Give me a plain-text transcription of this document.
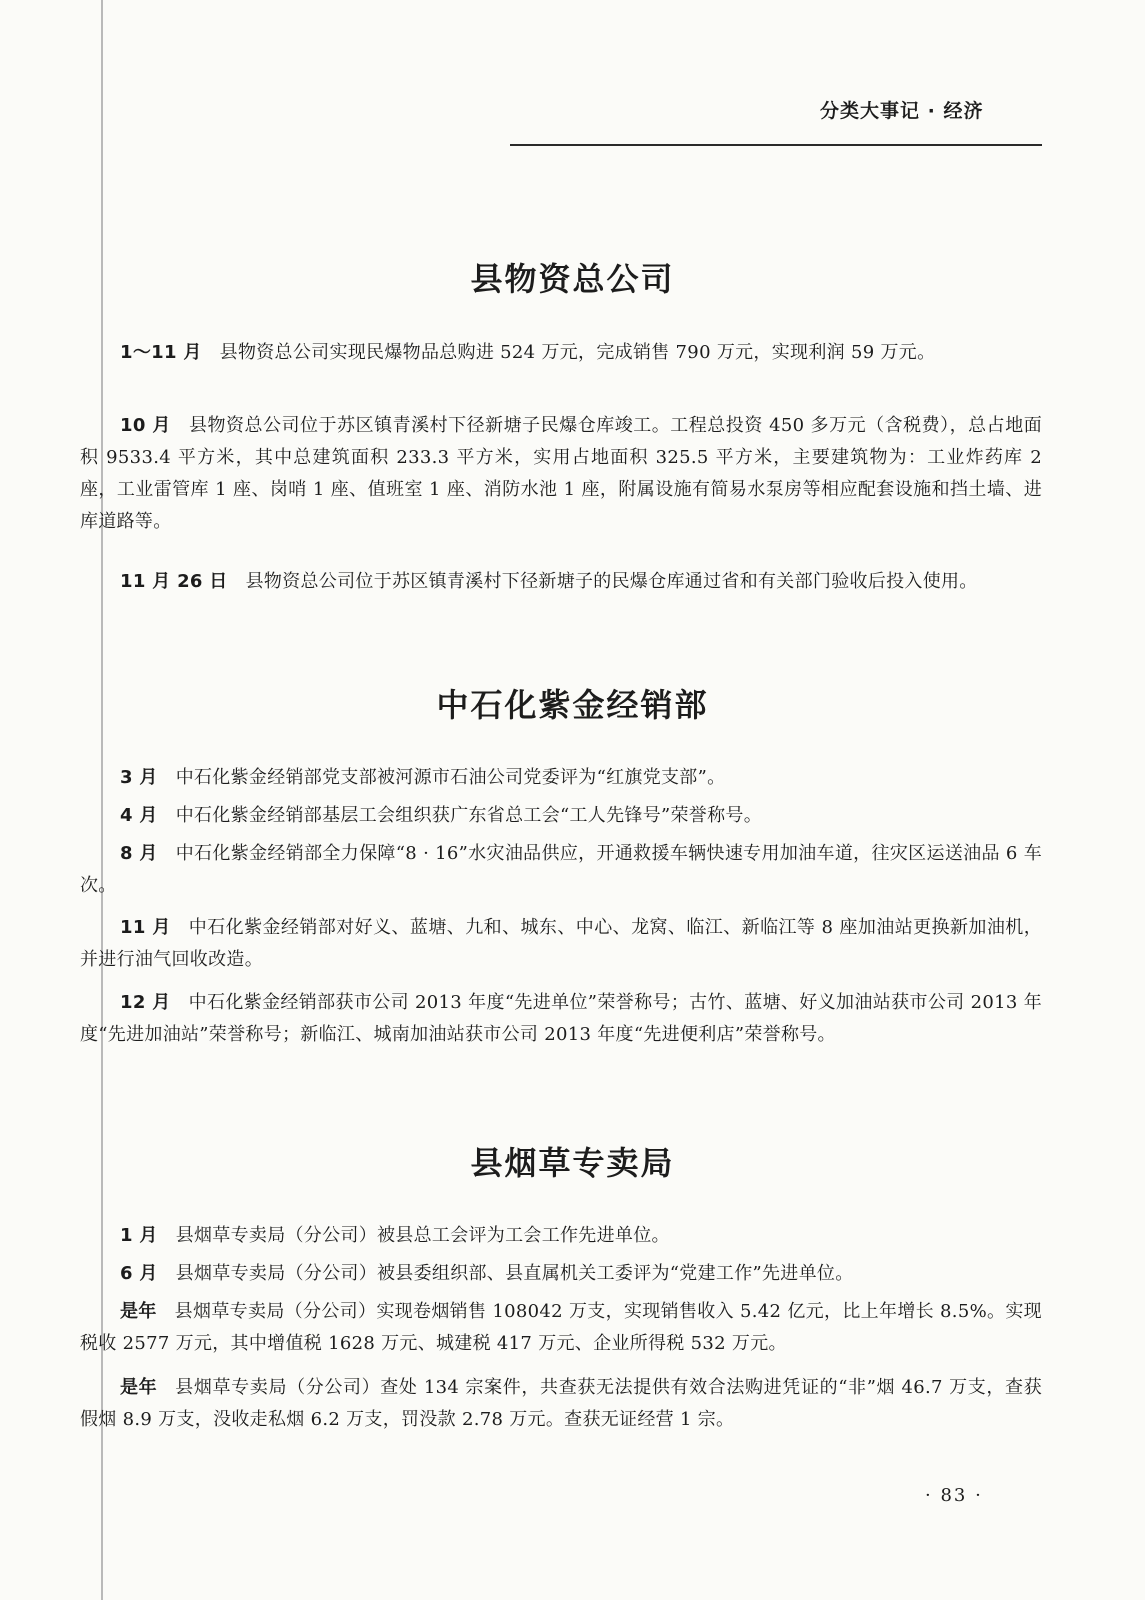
分类大事记 · 经济
县物资总公司

1～11 月 县物资总公司实现民爆物品总购进 524 万元，完成销售 790 万元，实现利润 59 万元。

10 月 县物资总公司位于苏区镇青溪村下径新塘子民爆仓库竣工。工程总投资 450 多万元（含税费），总占地面积 9533.4 平方米，其中总建筑面积 233.3 平方米，实用占地面积 325.5 平方米，主要建筑物为：工业炸药库 2 座，工业雷管库 1 座、岗哨 1 座、值班室 1 座、消防水池 1 座，附属设施有简易水泵房等相应配套设施和挡土墙、进库道路等。

11 月 26 日 县物资总公司位于苏区镇青溪村下径新塘子的民爆仓库通过省和有关部门验收后投入使用。

中石化紫金经销部

3 月 中石化紫金经销部党支部被河源市石油公司党委评为“红旗党支部”。

4 月 中石化紫金经销部基层工会组织获广东省总工会“工人先锋号”荣誉称号。

8 月 中石化紫金经销部全力保障“8 · 16”水灾油品供应，开通救援车辆快速专用加油车道，往灾区运送油品 6 车次。

11 月 中石化紫金经销部对好义、蓝塘、九和、城东、中心、龙窝、临江、新临江等 8 座加油站更换新加油机，并进行油气回收改造。

12 月 中石化紫金经销部获市公司 2013 年度“先进单位”荣誉称号；古竹、蓝塘、好义加油站获市公司 2013 年度“先进加油站”荣誉称号；新临江、城南加油站获市公司 2013 年度“先进便利店”荣誉称号。

县烟草专卖局

1 月 县烟草专卖局（分公司）被县总工会评为工会工作先进单位。

6 月 县烟草专卖局（分公司）被县委组织部、县直属机关工委评为“党建工作”先进单位。

是年 县烟草专卖局（分公司）实现卷烟销售 108042 万支，实现销售收入 5.42 亿元，比上年增长 8.5%。实现税收 2577 万元，其中增值税 1628 万元、城建税 417 万元、企业所得税 532 万元。

是年 县烟草专卖局（分公司）查处 134 宗案件，共查获无法提供有效合法购进凭证的“非”烟 46.7 万支，查获假烟 8.9 万支，没收走私烟 6.2 万支，罚没款 2.78 万元。查获无证经营 1 宗。

· 83 ·
